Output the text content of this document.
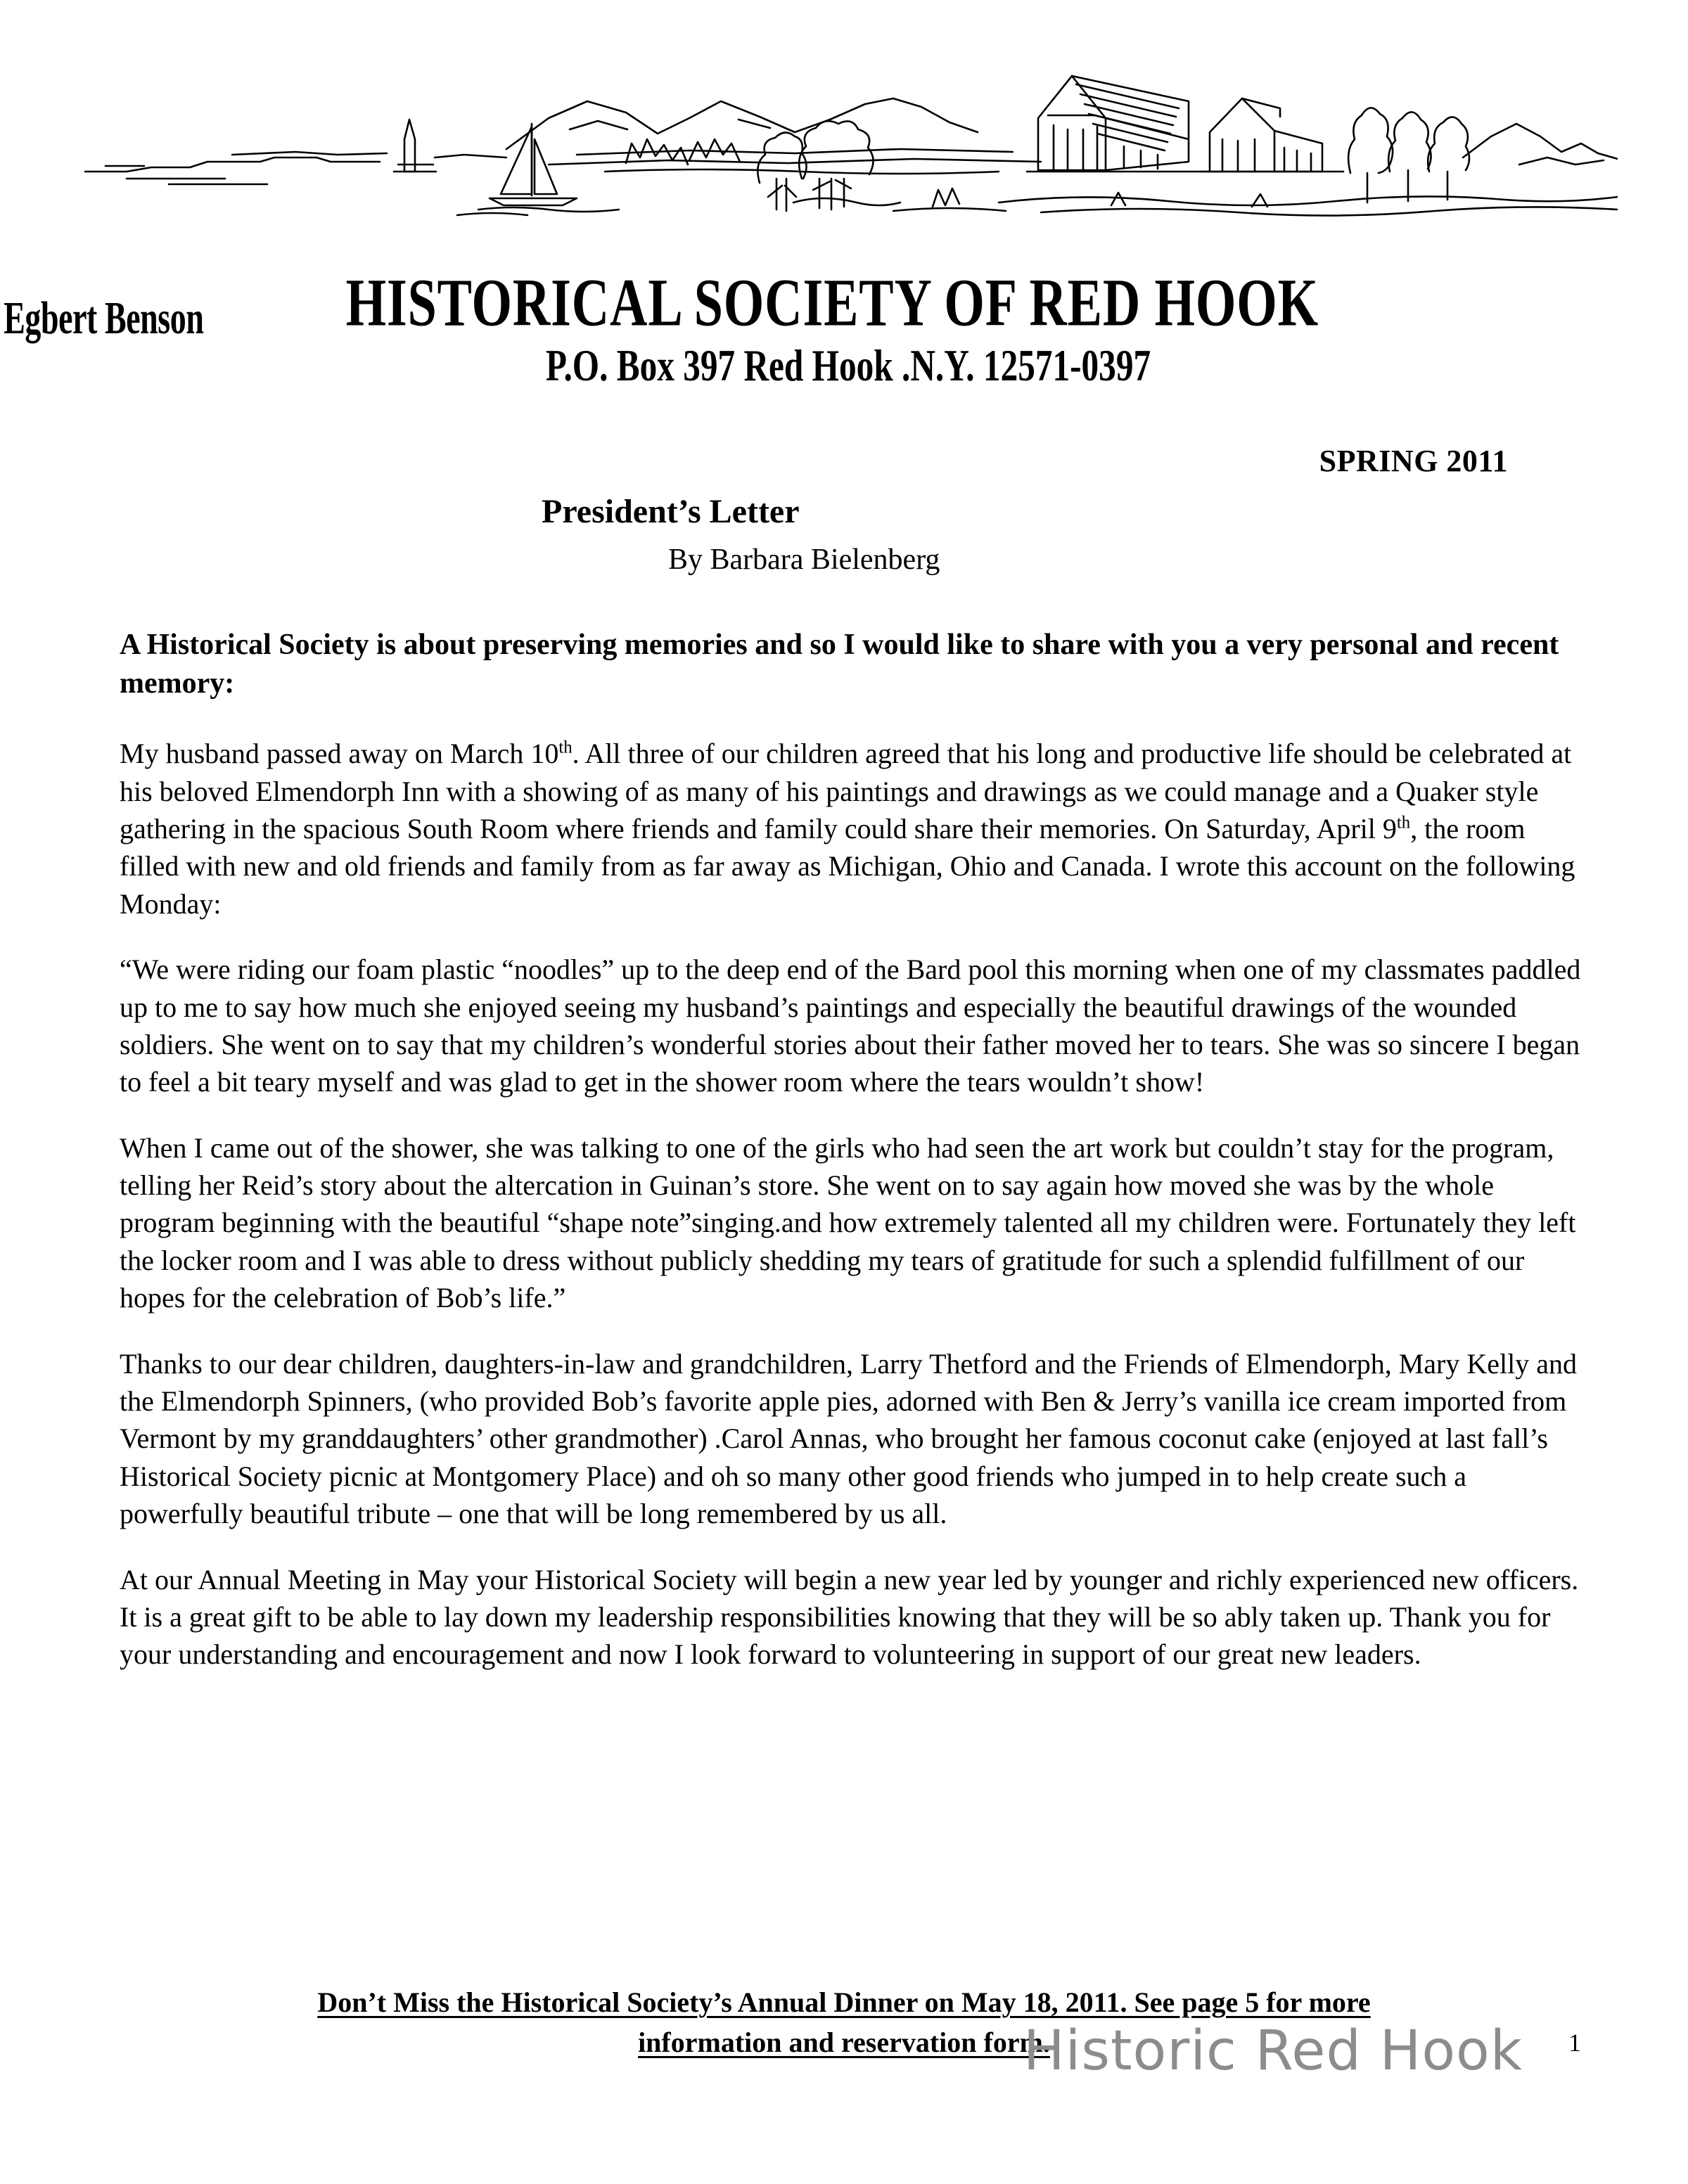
Egbert Benson HISTORICAL SOCIETY OF RED HOOK
P.O. Box 397 Red Hook .N.Y. 12571-0397
SPRING 2011
President’s Letter
By Barbara Bielenberg

A Historical Society is about preserving memories and so I would like to share with you a very personal and recent memory:

My husband passed away on March 10th. All three of our children agreed that his long and productive life should be celebrated at his beloved Elmendorph Inn with a showing of as many of his paintings and drawings as we could manage and a Quaker style gathering in the spacious South Room where friends and family could share their memories. On Saturday, April 9th, the room filled with new and old friends and family from as far away as Michigan, Ohio and Canada. I wrote this account on the following Monday:

“We were riding our foam plastic “noodles” up to the deep end of the Bard pool this morning when one of my classmates paddled up to me to say how much she enjoyed seeing my husband’s paintings and especially the beautiful drawings of the wounded soldiers. She went on to say that my children’s wonderful stories about their father moved her to tears. She was so sincere I began to feel a bit teary myself and was glad to get in the shower room where the tears wouldn’t show!

When I came out of the shower, she was talking to one of the girls who had seen the art work but couldn’t stay for the program, telling her Reid’s story about the altercation in Guinan’s store. She went on to say again how moved she was by the whole program beginning with the beautiful “shape note”singing.and how extremely talented all my children were. Fortunately they left the locker room and I was able to dress without publicly shedding my tears of gratitude for such a splendid fulfillment of our hopes for the celebration of Bob’s life.”

Thanks to our dear children, daughters-in-law and grandchildren, Larry Thetford and the Friends of Elmendorph, Mary Kelly and the Elmendorph Spinners, (who provided Bob’s favorite apple pies, adorned with Ben & Jerry’s vanilla ice cream imported from Vermont by my granddaughters’ other grandmother) .Carol Annas, who brought her famous coconut cake (enjoyed at last fall’s Historical Society picnic at Montgomery Place) and oh so many other good friends who jumped in to help create such a powerfully beautiful tribute – one that will be long remembered by us all.

At our Annual Meeting in May your Historical Society will begin a new year led by younger and richly experienced new officers. It is a great gift to be able to lay down my leadership responsibilities knowing that they will be so ably taken up. Thank you for your understanding and encouragement and now I look forward to volunteering in support of our great new leaders.

Don’t Miss the Historical Society’s Annual Dinner on May 18, 2011. See page 5 for more
information and reservation form.
Historic Red Hook 1
